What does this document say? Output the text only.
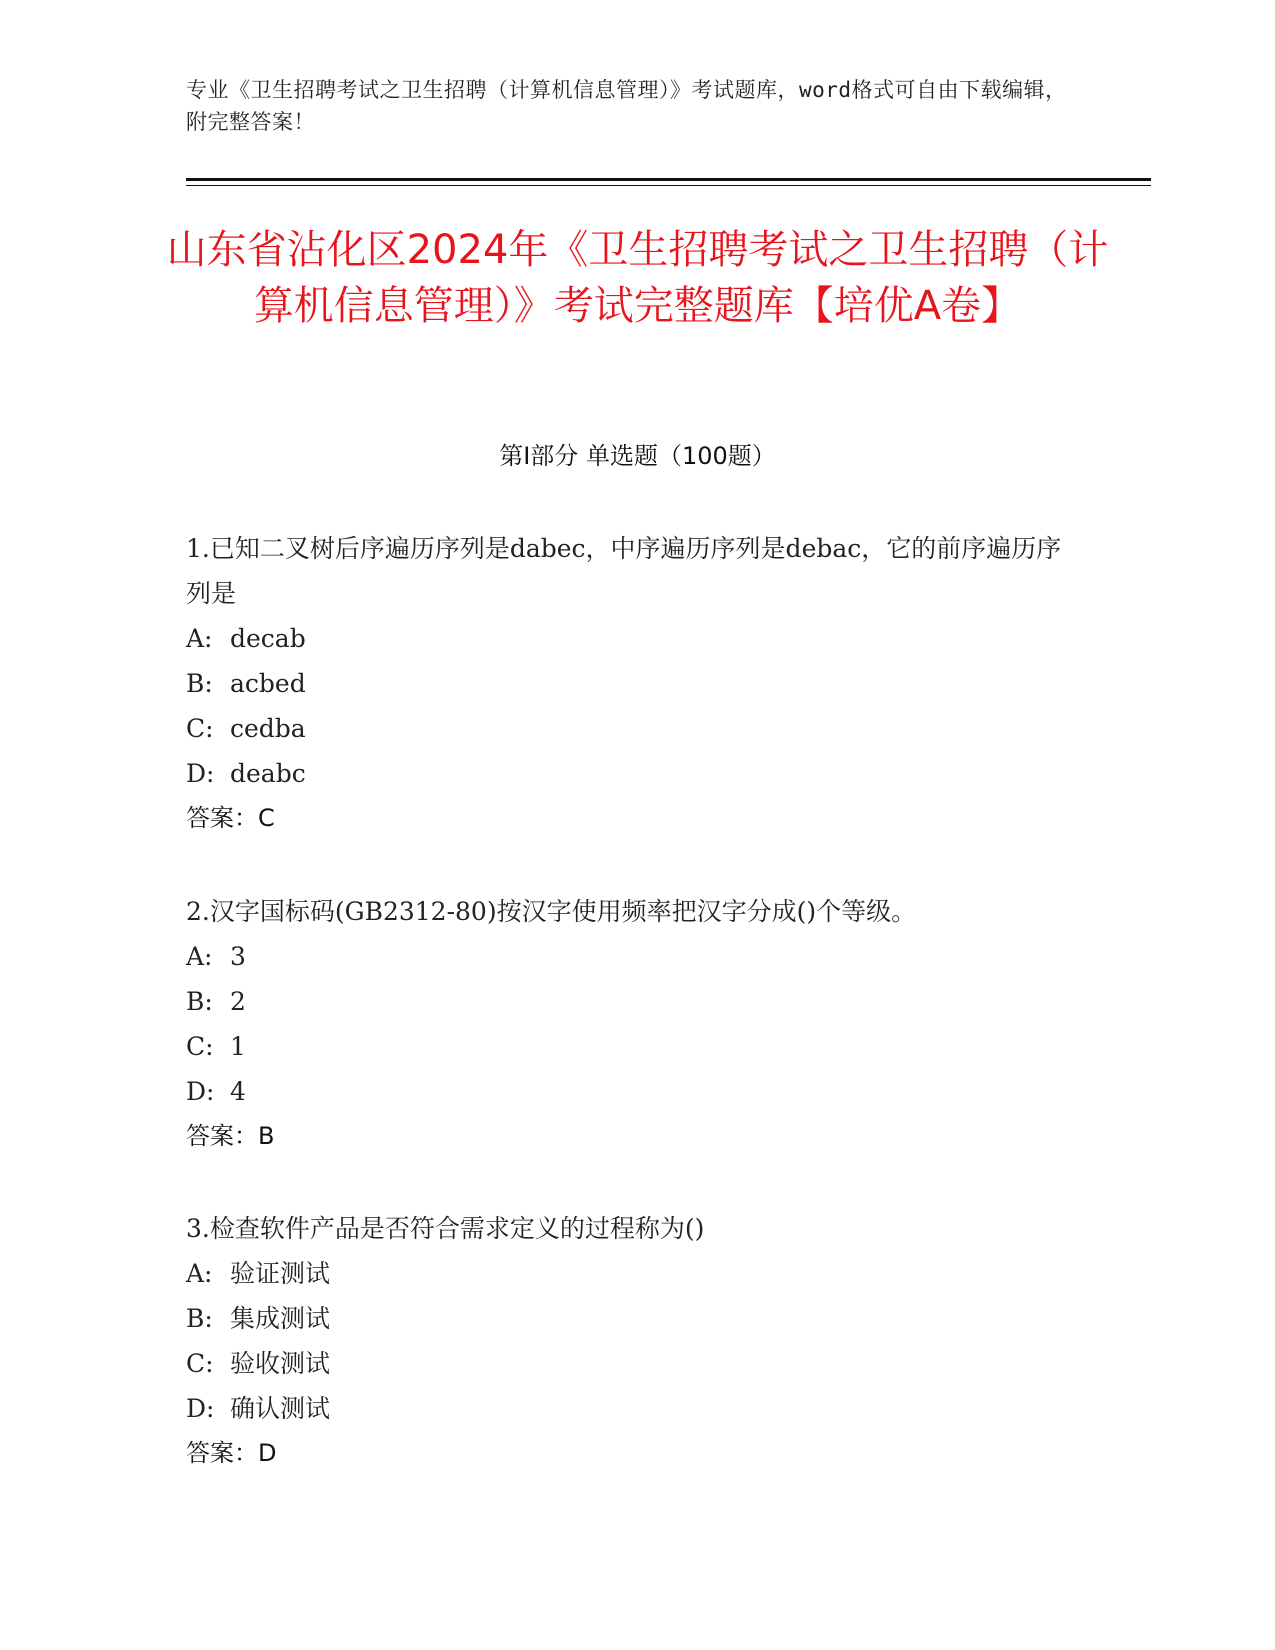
专业《卫生招聘考试之卫生招聘（计算机信息管理）》考试题库，word格式可自由下载编辑，附完整答案！
山东省沾化区2024年《卫生招聘考试之卫生招聘（计算机信息管理）》考试完整题库【培优A卷】
第Ⅰ部分 单选题（100题）

1.已知二叉树后序遍历序列是dabec，中序遍历序列是debac，它的前序遍历序列是

A: decab

B: acbed

C: cedba

D: deabc

答案：C

2.汉字国标码(GB2312-80)按汉字使用频率把汉字分成()个等级。

A: 3

B: 2

C: 1

D: 4

答案：B

3.检查软件产品是否符合需求定义的过程称为()

A: 验证测试

B: 集成测试

C: 验收测试

D: 确认测试

答案：D
